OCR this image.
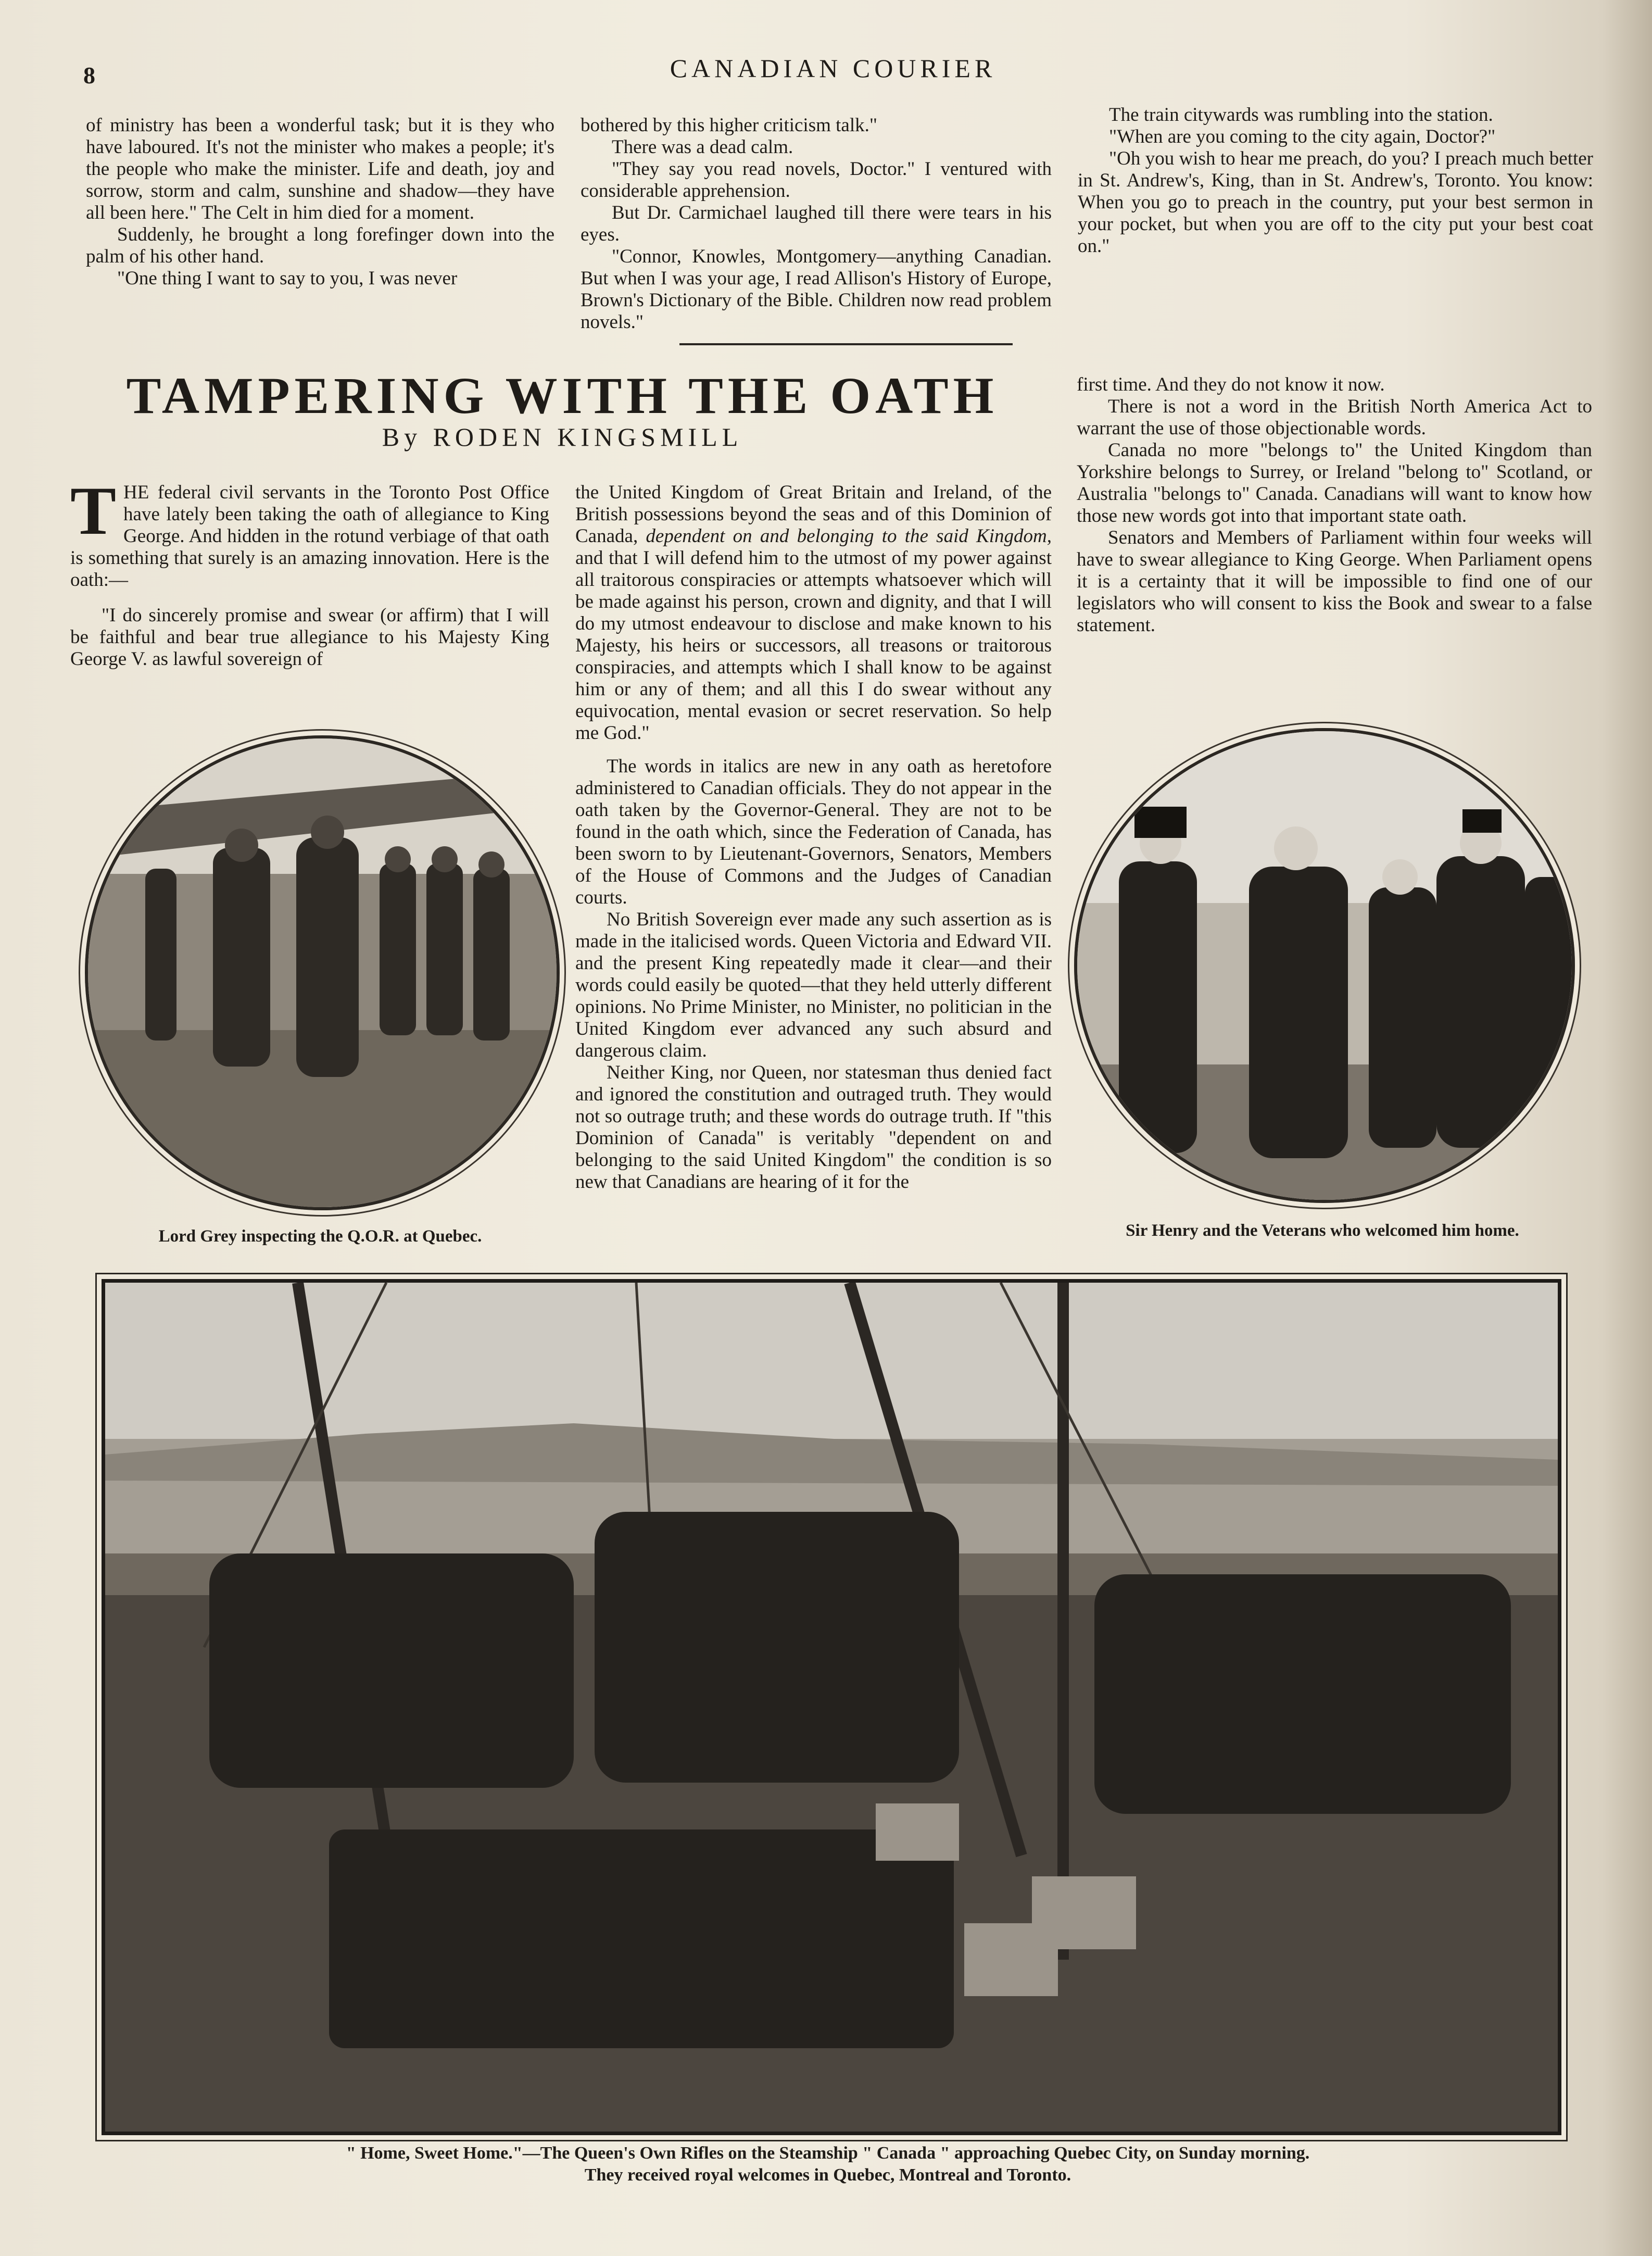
8	CANADIAN COURIER

of ministry has been a wonderful task; but it is they who have laboured. It's not the minister who makes a people; it's the people who make the minister. Life and death, joy and sorrow, storm and calm, sunshine and shadow—they have all been here." The Celt in him died for a moment.

Suddenly, he brought a long forefinger down into the palm of his other hand.

"One thing I want to say to you, I was never

bothered by this higher criticism talk."

There was a dead calm.

"They say you read novels, Doctor." I ventured with considerable apprehension.

But Dr. Carmichael laughed till there were tears in his eyes.

"Connor, Knowles, Montgomery—anything Canadian. But when I was your age, I read Allison's History of Europe, Brown's Dictionary of the Bible. Children now read problem novels."

The train citywards was rumbling into the station.

"When are you coming to the city again, Doctor?"

"Oh you wish to hear me preach, do you? I preach much better in St. Andrew's, King, than in St. Andrew's, Toronto. You know: When you go to preach in the country, put your best sermon in your pocket, but when you are off to the city put your best coat on."

TAMPERING WITH THE OATH
By RODEN KINGSMILL

THE federal civil servants in the Toronto Post Office have lately been taking the oath of allegiance to King George. And hidden in the rotund verbiage of that oath is something that surely is an amazing innovation. Here is the oath:—

"I do sincerely promise and swear (or affirm) that I will be faithful and bear true allegiance to his Majesty King George V. as lawful sovereign of

the United Kingdom of Great Britain and Ireland, of the British possessions beyond the seas and of this Dominion of Canada, dependent on and belonging to the said Kingdom, and that I will defend him to the utmost of my power against all traitorous conspiracies or attempts whatsoever which will be made against his person, crown and dignity, and that I will do my utmost endeavour to disclose and make known to his Majesty, his heirs or successors, all treasons or traitorous conspiracies, and attempts which I shall know to be against him or any of them; and all this I do swear without any equivocation, mental evasion or secret reservation. So help me God."

The words in italics are new in any oath as heretofore administered to Canadian officials. They do not appear in the oath taken by the Governor-General. They are not to be found in the oath which, since the Federation of Canada, has been sworn to by Lieutenant-Governors, Senators, Members of the House of Commons and the Judges of Canadian courts.

No British Sovereign ever made any such assertion as is made in the italicised words. Queen Victoria and Edward VII. and the present King repeatedly made it clear—and their words could easily be quoted—that they held utterly different opinions. No Prime Minister, no Minister, no politician in the United Kingdom ever advanced any such absurd and dangerous claim.

Neither King, nor Queen, nor statesman thus denied fact and ignored the constitution and outraged truth. They would not so outrage truth; and these words do outrage truth. If "this Dominion of Canada" is veritably "dependent on and belonging to the said United Kingdom" the condition is so new that Canadians are hearing of it for the

first time. And they do not know it now.

There is not a word in the British North America Act to warrant the use of those objectionable words.

Canada no more "belongs to" the United Kingdom than Yorkshire belongs to Surrey, or Ireland "belong to" Scotland, or Australia "belongs to" Canada. Canadians will want to know how those new words got into that important state oath.

Senators and Members of Parliament within four weeks will have to swear allegiance to King George. When Parliament opens it is a certainty that it will be impossible to find one of our legislators who will consent to kiss the Book and swear to a false statement.

Lord Grey inspecting the Q.O.R. at Quebec.	Sir Henry and the Veterans who welcomed him home.
" Home, Sweet Home."—The Queen's Own Rifles on the Steamship " Canada " approaching Quebec City, on Sunday morning.
They received royal welcomes in Quebec, Montreal and Toronto.
